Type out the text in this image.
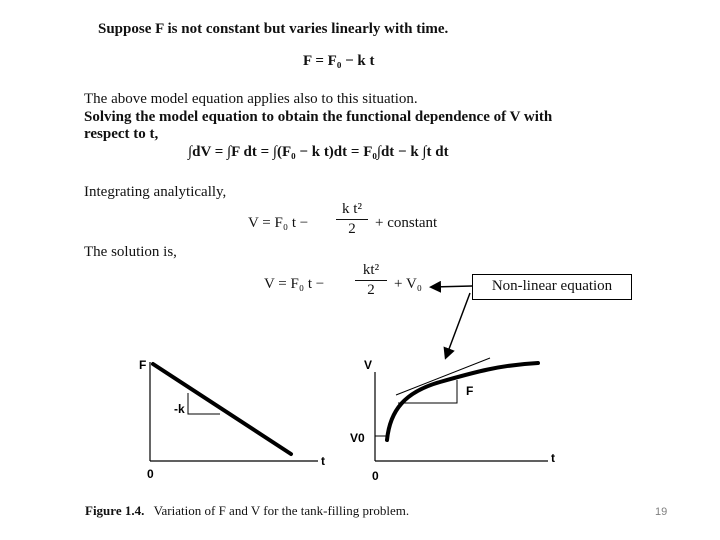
Suppose F is not constant but varies linearly with time.
F = F₀ − k t
The above model equation applies also to this situation.
Solving the model equation to obtain the functional dependence of V with
respect to t,
∫dV = ∫F dt = ∫(F₀ − k t)dt = F₀∫dt − k ∫t dt
Integrating analytically,
V = F₀ $t - \frac{\text{k t²}}{2}$ + constant
The solution is,
V = F₀ $t - \frac{\text{kt²}}{2} + V_0$	Non-linear equation
F
t
0
-k
V
t
0
V0
F
Figure 1.4. Variation of F and V for the tank-filling problem.	19
